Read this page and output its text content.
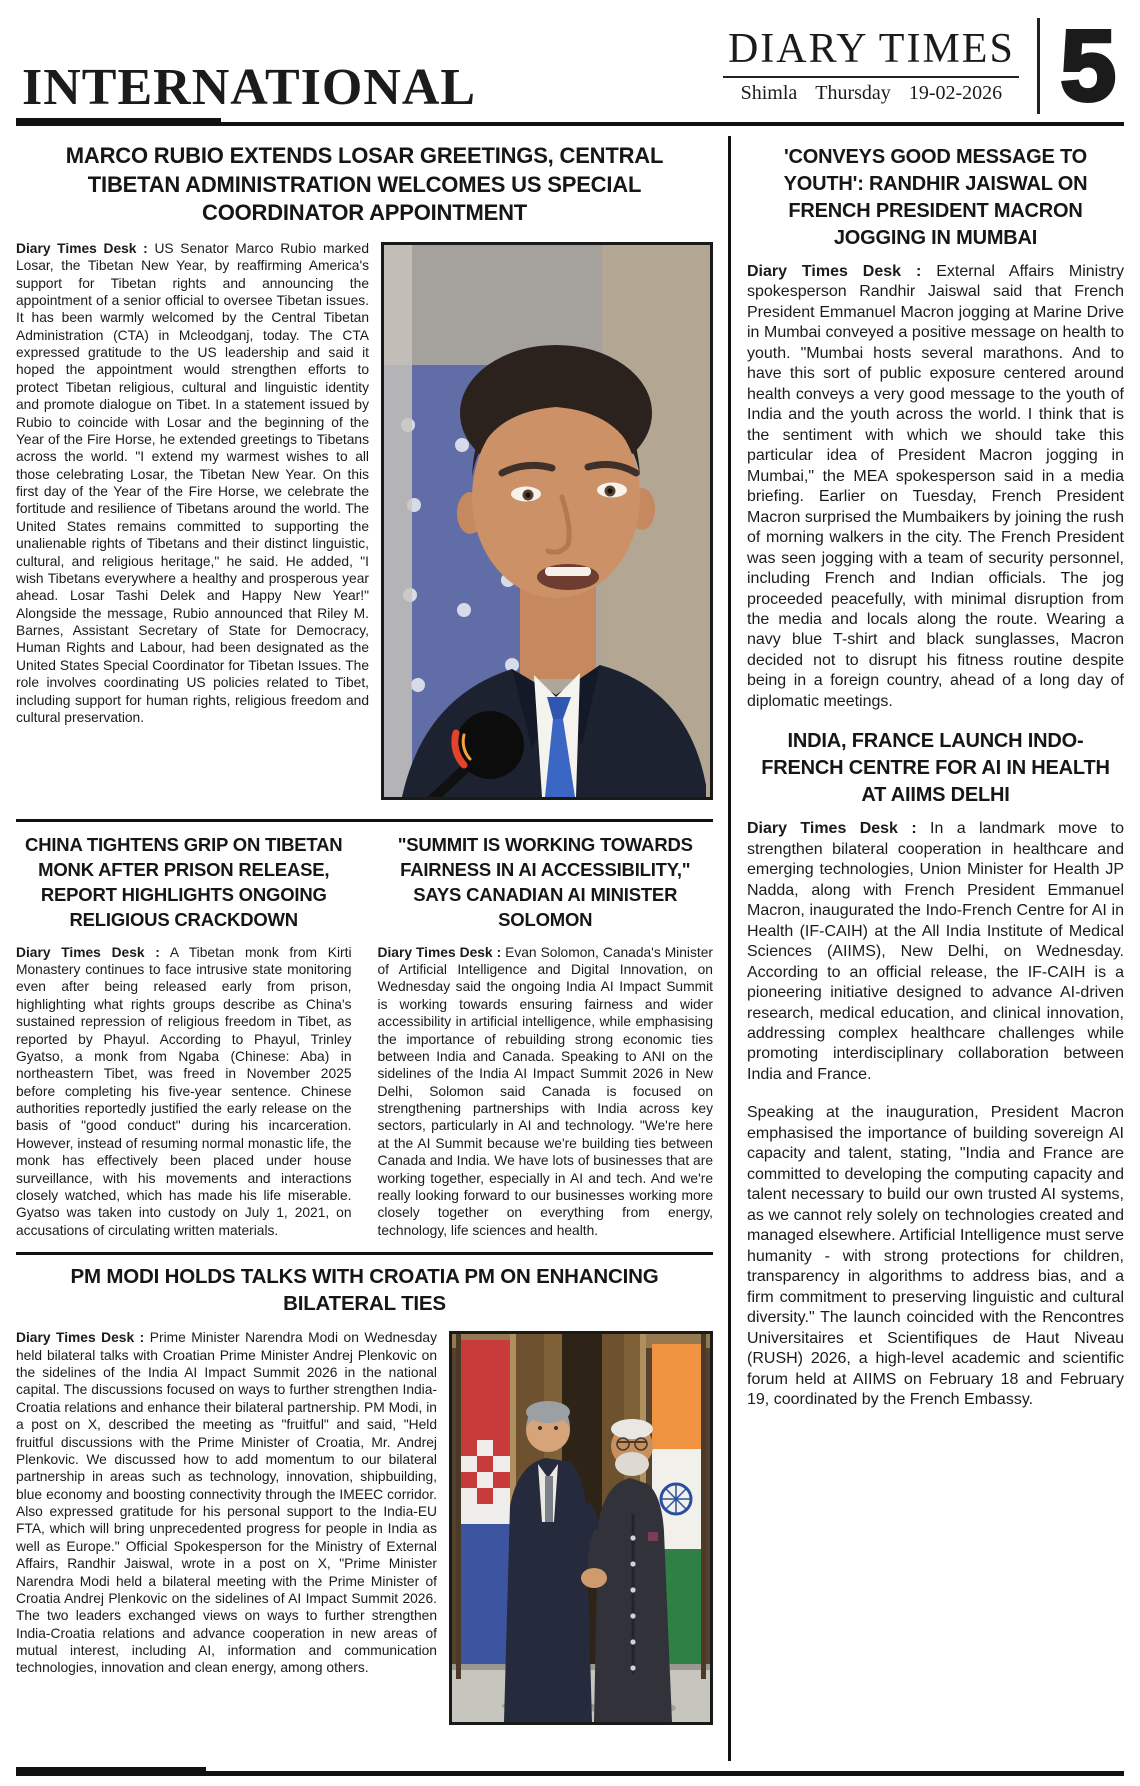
INTERNATIONAL
DIARY TIMES
Shimla Thursday 19-02-2026 5
MARCO RUBIO EXTENDS LOSAR GREETINGS, CENTRAL TIBETAN ADMINISTRATION WELCOMES US SPECIAL COORDINATOR APPOINTMENT

Diary Times Desk : US Senator Marco Rubio marked Losar, the Tibetan New Year, by reaffirming America's support for Tibetan rights and announcing the appointment of a senior official to oversee Tibetan issues. It has been warmly welcomed by the Central Tibetan Administration (CTA) in Mcleodganj, today. The CTA expressed gratitude to the US leadership and said it hoped the appointment would strengthen efforts to protect Tibetan religious, cultural and linguistic identity and promote dialogue on Tibet. In a statement issued by Rubio to coincide with Losar and the beginning of the Year of the Fire Horse, he extended greetings to Tibetans across the world. "I extend my warmest wishes to all those celebrating Losar, the Tibetan New Year. On this first day of the Year of the Fire Horse, we celebrate the fortitude and resilience of Tibetans around the world. The United States remains committed to supporting the unalienable rights of Tibetans and their distinct linguistic, cultural, and religious heritage," he said. He added, "I wish Tibetans everywhere a healthy and prosperous year ahead. Losar Tashi Delek and Happy New Year!" Alongside the message, Rubio announced that Riley M. Barnes, Assistant Secretary of State for Democracy, Human Rights and Labour, had been designated as the United States Special Coordinator for Tibetan Issues. The role involves coordinating US policies related to Tibet, including support for human rights, religious freedom and cultural preservation.

CHINA TIGHTENS GRIP ON TIBETAN MONK AFTER PRISON RELEASE, REPORT HIGHLIGHTS ONGOING RELIGIOUS CRACKDOWN

Diary Times Desk : A Tibetan monk from Kirti Monastery continues to face intrusive state monitoring even after being released early from prison, highlighting what rights groups describe as China's sustained repression of religious freedom in Tibet, as reported by Phayul. According to Phayul, Trinley Gyatso, a monk from Ngaba (Chinese: Aba) in northeastern Tibet, was freed in November 2025 before completing his five-year sentence. Chinese authorities reportedly justified the early release on the basis of "good conduct" during his incarceration. However, instead of resuming normal monastic life, the monk has effectively been placed under house surveillance, with his movements and interactions closely watched, which has made his life miserable. Gyatso was taken into custody on July 1, 2021, on accusations of circulating written materials.

"SUMMIT IS WORKING TOWARDS FAIRNESS IN AI ACCESSIBILITY," SAYS CANADIAN AI MINISTER SOLOMON

Diary Times Desk : Evan Solomon, Canada's Minister of Artificial Intelligence and Digital Innovation, on Wednesday said the ongoing India AI Impact Summit is working towards ensuring fairness and wider accessibility in artificial intelligence, while emphasising the importance of rebuilding strong economic ties between India and Canada. Speaking to ANI on the sidelines of the India AI Impact Summit 2026 in New Delhi, Solomon said Canada is focused on strengthening partnerships with India across key sectors, particularly in AI and technology. "We're here at the AI Summit because we're building ties between Canada and India. We have lots of businesses that are working together, especially in AI and tech. And we're really looking forward to our businesses working more closely together on everything from energy, technology, life sciences and health.

PM MODI HOLDS TALKS WITH CROATIA PM ON ENHANCING BILATERAL TIES

Diary Times Desk : Prime Minister Narendra Modi on Wednesday held bilateral talks with Croatian Prime Minister Andrej Plenkovic on the sidelines of the India AI Impact Summit 2026 in the national capital. The discussions focused on ways to further strengthen India-Croatia relations and enhance their bilateral partnership. PM Modi, in a post on X, described the meeting as "fruitful" and said, "Held fruitful discussions with the Prime Minister of Croatia, Mr. Andrej Plenkovic. We discussed how to add momentum to our bilateral partnership in areas such as technology, innovation, shipbuilding, blue economy and boosting connectivity through the IMEEC corridor. Also expressed gratitude for his personal support to the India-EU FTA, which will bring unprecedented progress for people in India as well as Europe." Official Spokesperson for the Ministry of External Affairs, Randhir Jaiswal, wrote in a post on X, "Prime Minister Narendra Modi held a bilateral meeting with the Prime Minister of Croatia Andrej Plenkovic on the sidelines of AI Impact Summit 2026. The two leaders exchanged views on ways to further strengthen India-Croatia relations and advance cooperation in new areas of mutual interest, including AI, information and communication technologies, innovation and clean energy, among others.

'CONVEYS GOOD MESSAGE TO YOUTH': RANDHIR JAISWAL ON FRENCH PRESIDENT MACRON JOGGING IN MUMBAI

Diary Times Desk : External Affairs Ministry spokesperson Randhir Jaiswal said that French President Emmanuel Macron jogging at Marine Drive in Mumbai conveyed a positive message on health to youth. "Mumbai hosts several marathons. And to have this sort of public exposure centered around health conveys a very good message to the youth of India and the youth across the world. I think that is the sentiment with which we should take this particular idea of President Macron jogging in Mumbai," the MEA spokesperson said in a media briefing. Earlier on Tuesday, French President Macron surprised the Mumbaikers by joining the rush of morning walkers in the city. The French President was seen jogging with a team of security personnel, including French and Indian officials. The jog proceeded peacefully, with minimal disruption from the media and locals along the route. Wearing a navy blue T-shirt and black sunglasses, Macron decided not to disrupt his fitness routine despite being in a foreign country, ahead of a long day of diplomatic meetings.

INDIA, FRANCE LAUNCH INDO-FRENCH CENTRE FOR AI IN HEALTH AT AIIMS DELHI

Diary Times Desk : In a landmark move to strengthen bilateral cooperation in healthcare and emerging technologies, Union Minister for Health JP Nadda, along with French President Emmanuel Macron, inaugurated the Indo-French Centre for AI in Health (IF-CAIH) at the All India Institute of Medical Sciences (AIIMS), New Delhi, on Wednesday. According to an official release, the IF-CAIH is a pioneering initiative designed to advance AI-driven research, medical education, and clinical innovation, addressing complex healthcare challenges while promoting interdisciplinary collaboration between India and France.

Speaking at the inauguration, President Macron emphasised the importance of building sovereign AI capacity and talent, stating, "India and France are committed to developing the computing capacity and talent necessary to build our own trusted AI systems, as we cannot rely solely on technologies created and managed elsewhere. Artificial Intelligence must serve humanity - with strong protections for children, transparency in algorithms to address bias, and a firm commitment to preserving linguistic and cultural diversity." The launch coincided with the Rencontres Universitaires et Scientifiques de Haut Niveau (RUSH) 2026, a high-level academic and scientific forum held at AIIMS on February 18 and February 19, coordinated by the French Embassy.
